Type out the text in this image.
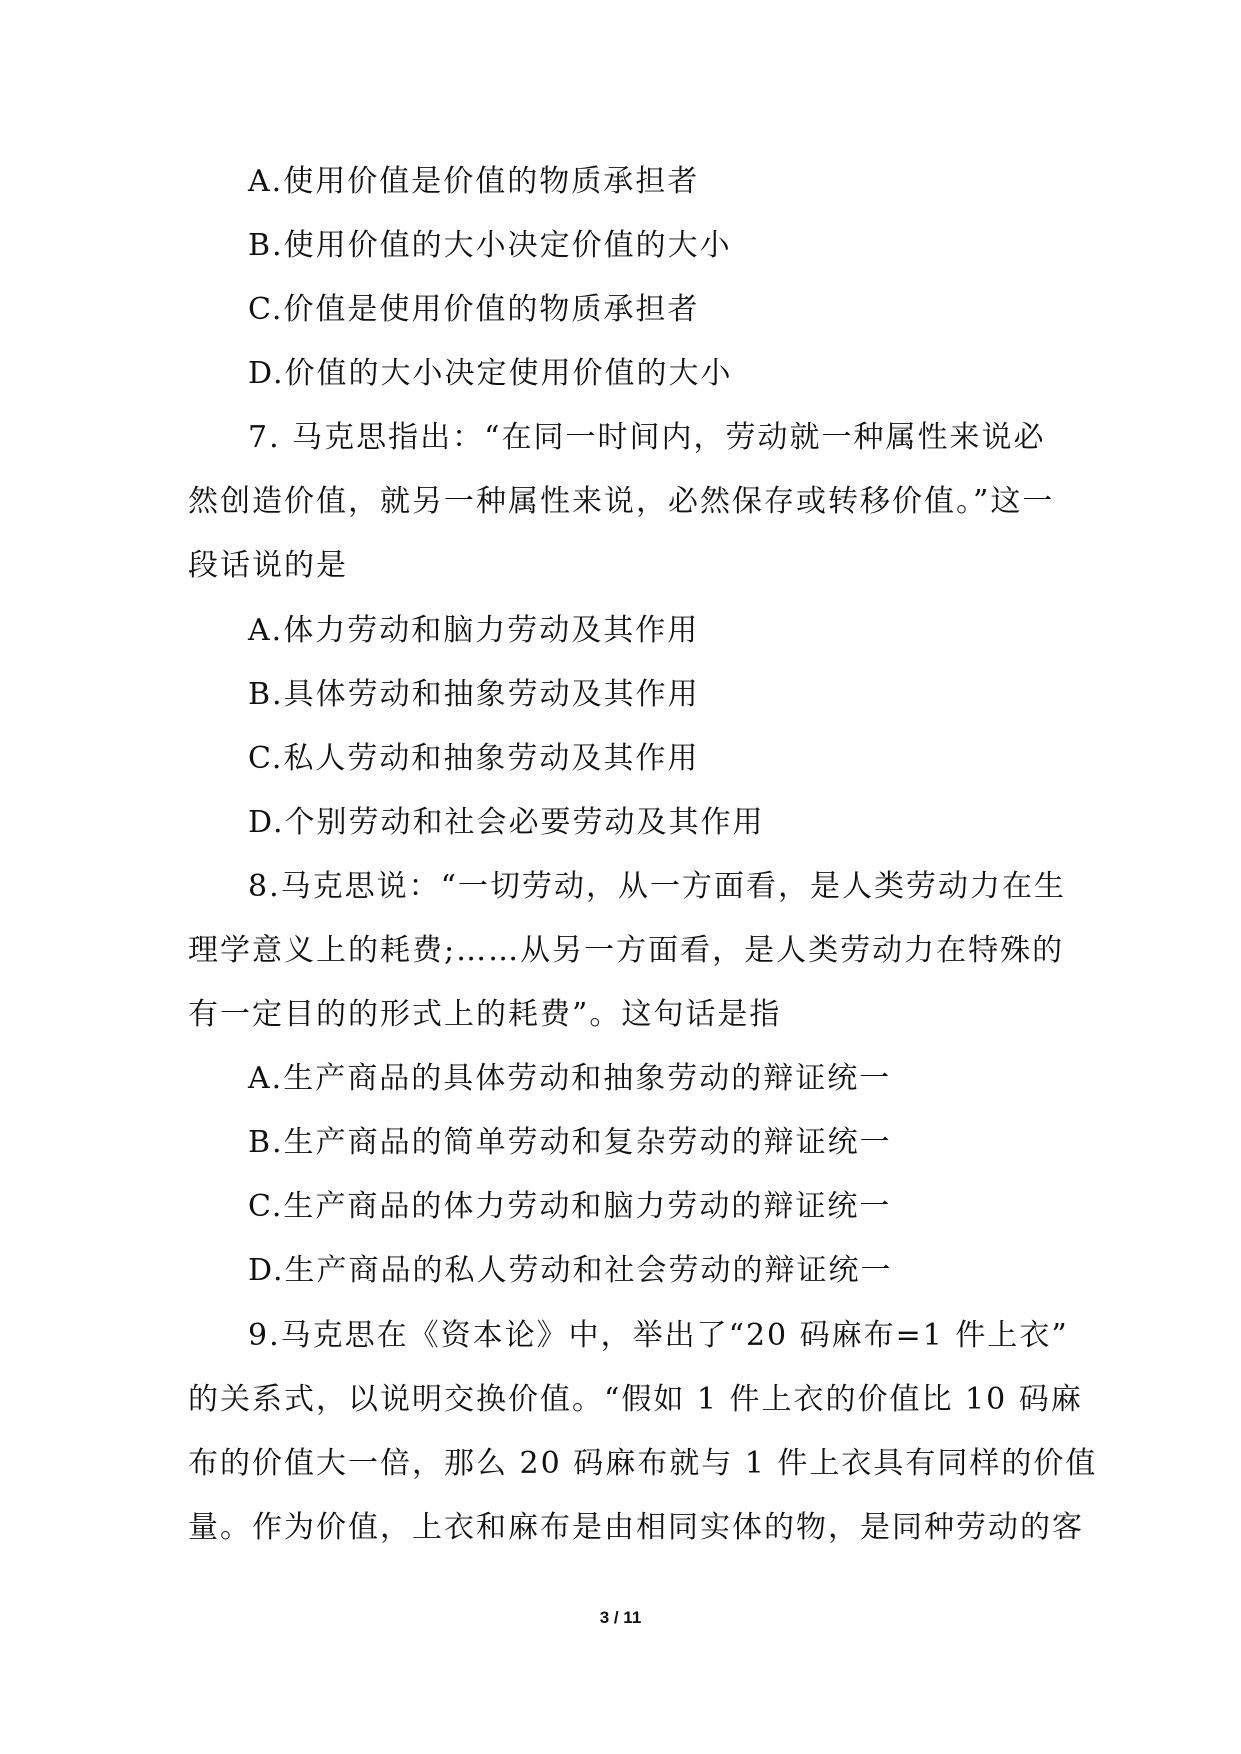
A.使用价值是价值的物质承担者
B.使用价值的大小决定价值的大小
C.价值是使用价值的物质承担者
D.价值的大小决定使用价值的大小
7. 马克思指出：“在同一时间内，劳动就一种属性来说必
然创造价值，就另一种属性来说，必然保存或转移价值。”这一
段话说的是
A.体力劳动和脑力劳动及其作用
B.具体劳动和抽象劳动及其作用
C.私人劳动和抽象劳动及其作用
D.个别劳动和社会必要劳动及其作用
8.马克思说：“一切劳动，从一方面看，是人类劳动力在生
理学意义上的耗费;……从另一方面看，是人类劳动力在特殊的
有一定目的的形式上的耗费”。这句话是指
A.生产商品的具体劳动和抽象劳动的辩证统一
B.生产商品的简单劳动和复杂劳动的辩证统一
C.生产商品的体力劳动和脑力劳动的辩证统一
D.生产商品的私人劳动和社会劳动的辩证统一
9.马克思在《资本论》中，举出了“20 码麻布=1 件上衣”
的关系式，以说明交换价值。“假如 1 件上衣的价值比 10 码麻
布的价值大一倍，那么 20 码麻布就与 1 件上衣具有同样的价值
量。作为价值，上衣和麻布是由相同实体的物，是同种劳动的客
3 / 11
